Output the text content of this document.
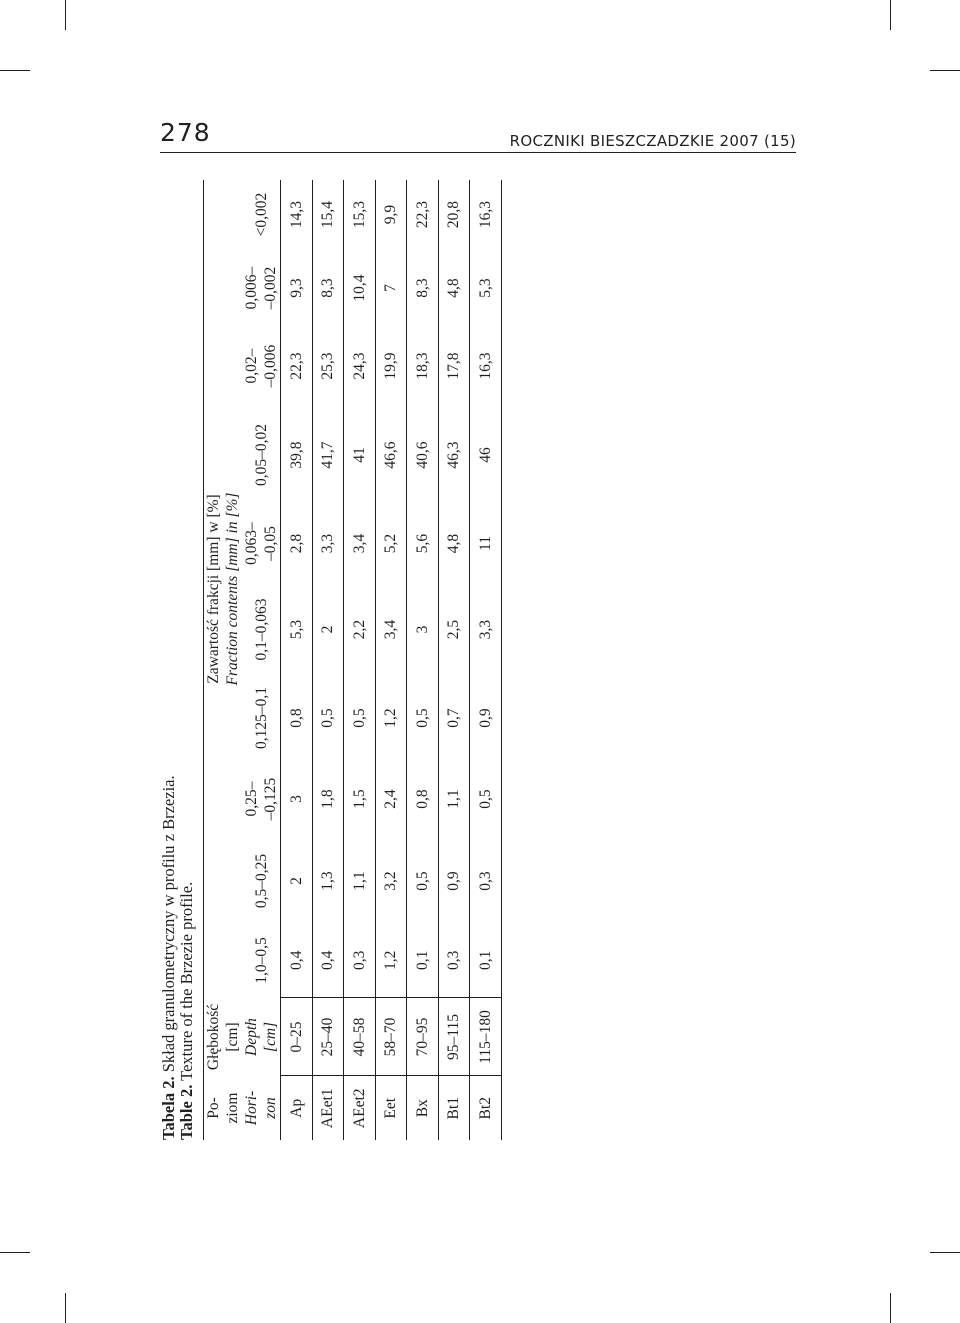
278	ROCZNIKI BIESZCZADZKIE 2007 (15)
Tabela 2. Skład granulometryczny w profilu z Brzezia.
Table 2. Texture of the Brzezie profile.
Po- ziom	Głębokość [cm]	Zawartość frakcji [mm] w [%] Fraction contents [mm] in [%]									
Hori- zon	Depth [cm]	1,0–0,5	0,5–0,25	0,25– –0,125	0,125–0,1	0,1–0,063	0,063– –0,05	0,05–0,02	0,02– –0,006	0,006– –0,002	<0,002

Ap	0–25	0,4	2	3	0,8	5,3	2,8	39,8	22,3	9,3	14,3
AEet1	25–40	0,4	1,3	1,8	0,5	2	3,3	41,7	25,3	8,3	15,4
AEet2	40–58	0,3	1,1	1,5	0,5	2,2	3,4	41	24,3	10,4	15,3
Eet	58–70	1,2	3,2	2,4	1,2	3,4	5,2	46,6	19,9	7	9,9
Bx	70–95	0,1	0,5	0,8	0,5	3	5,6	40,6	18,3	8,3	22,3
Bt1	95–115	0,3	0,9	1,1	0,7	2,5	4,8	46,3	17,8	4,8	20,8
Bt2	115–180	0,1	0,3	0,5	0,9	3,3	11	46	16,3	5,3	16,3
